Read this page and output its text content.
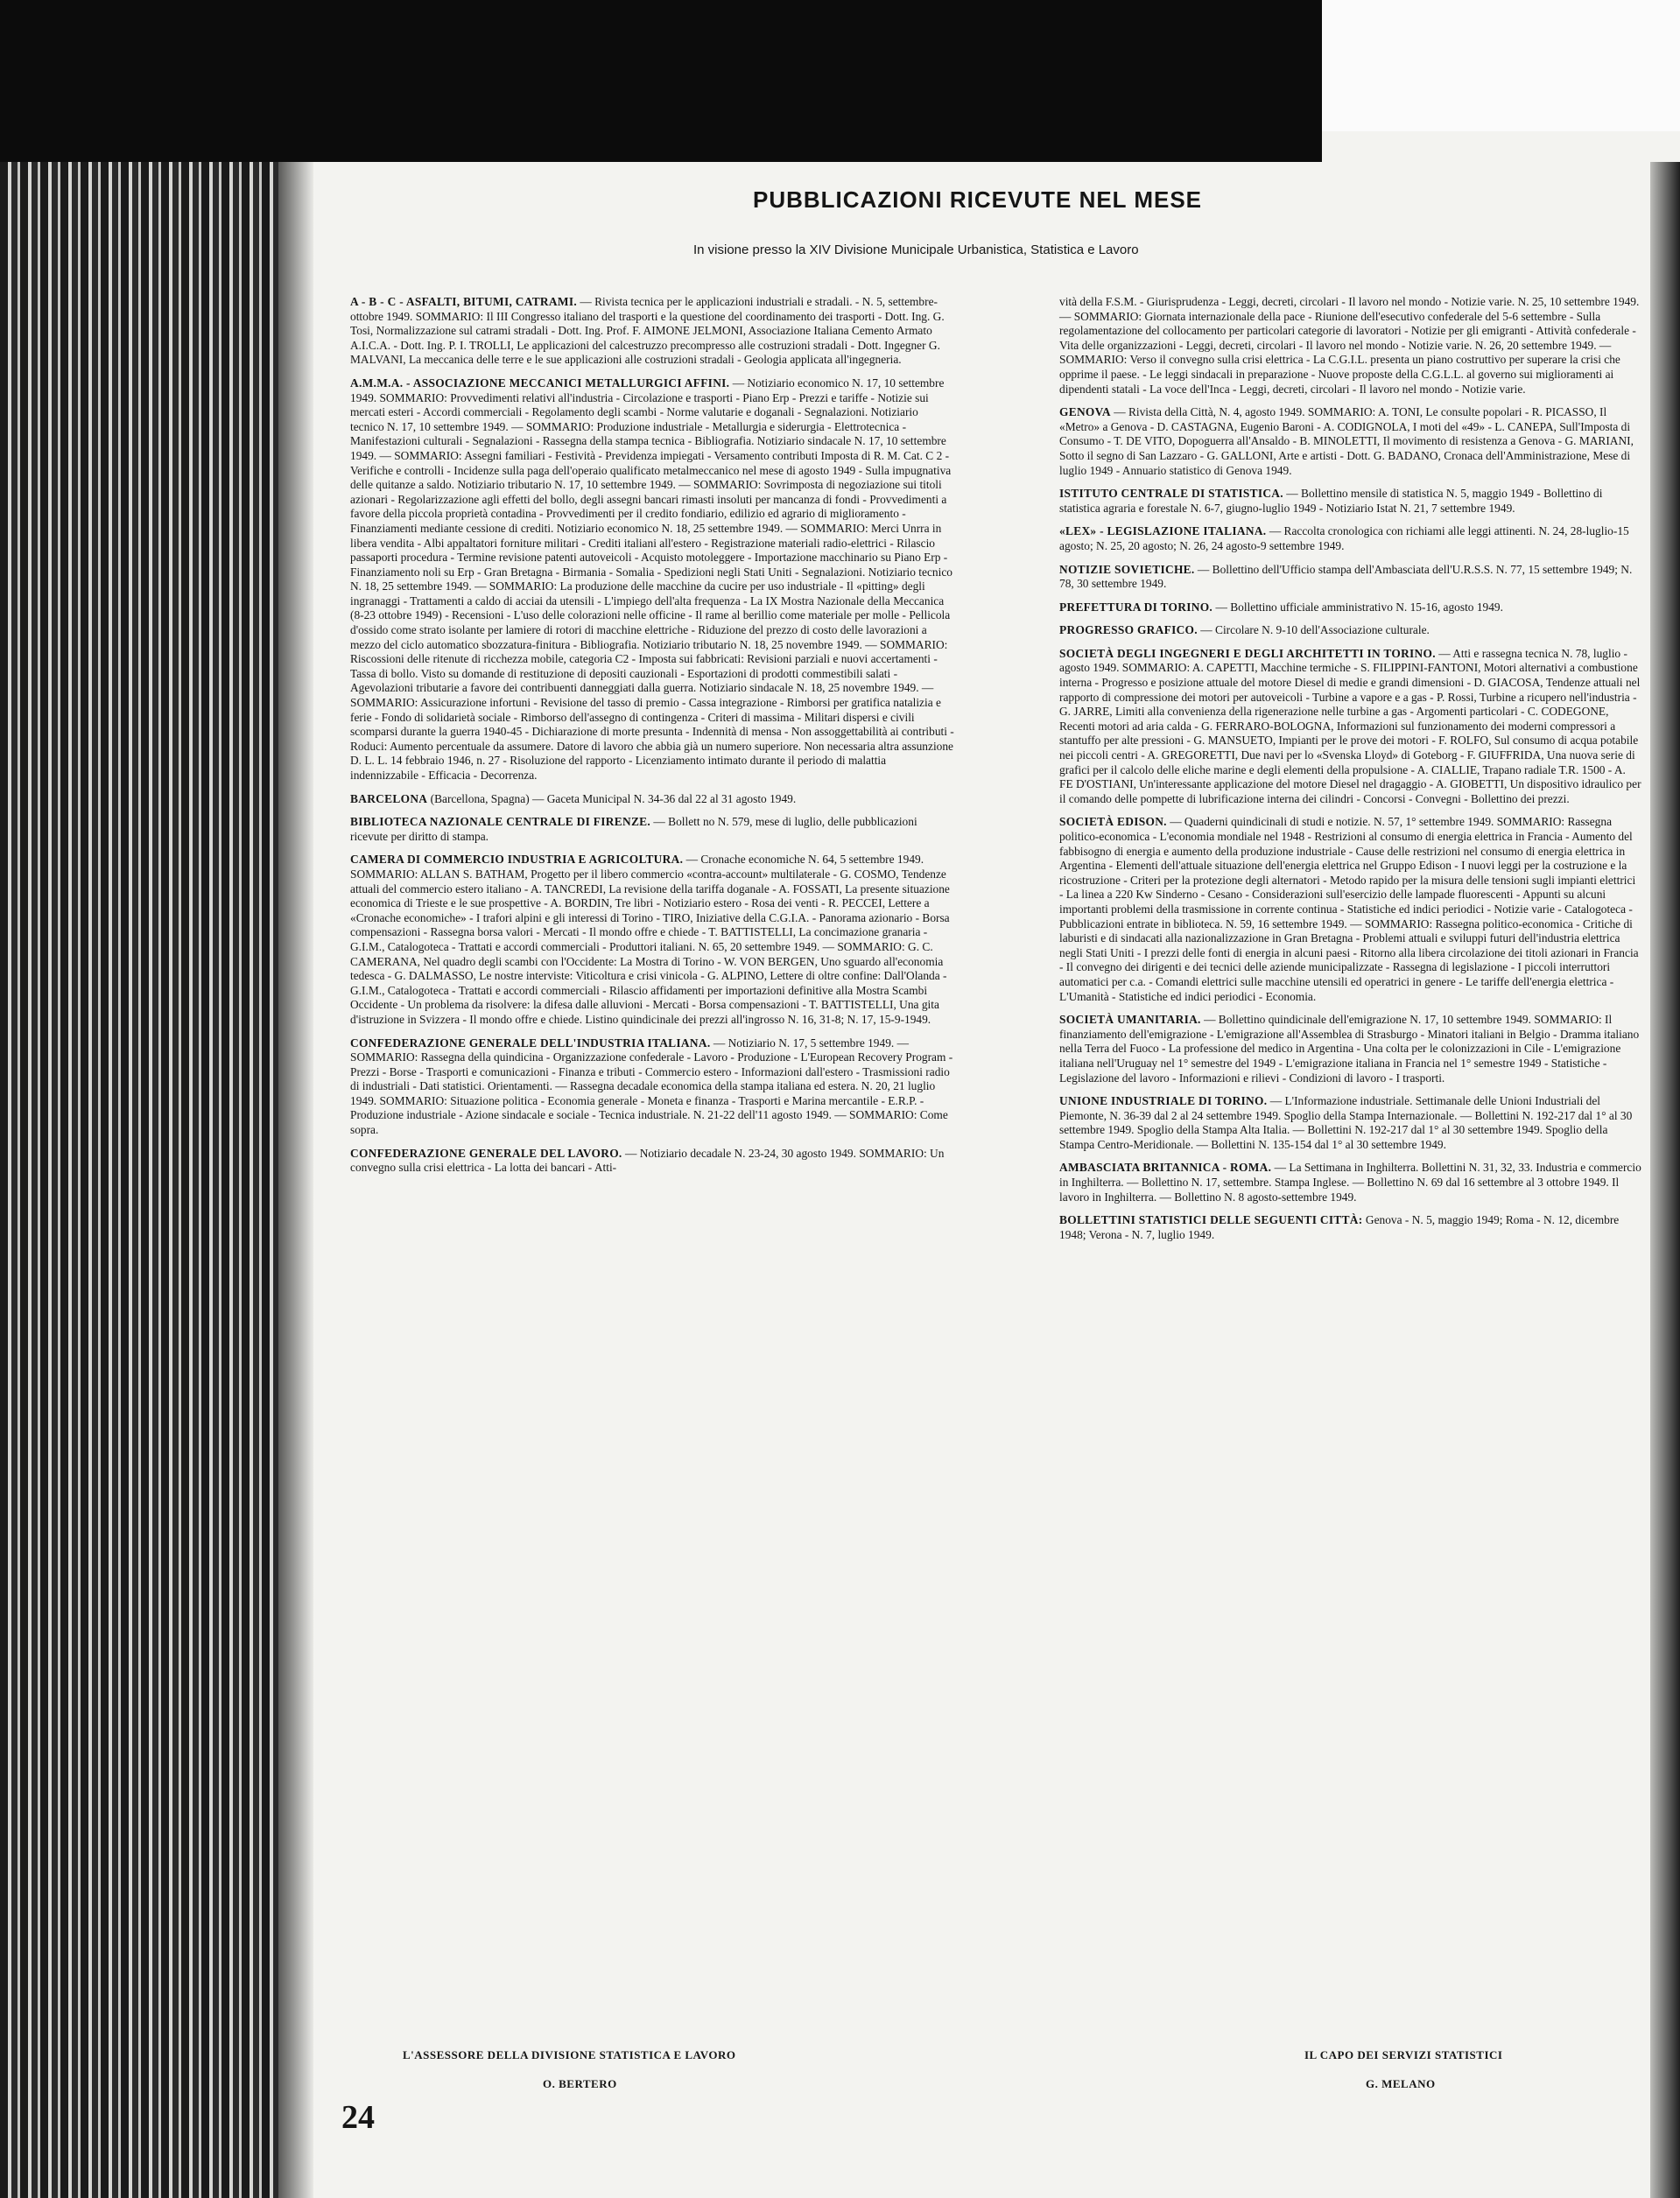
PUBBLICAZIONI RICEVUTE NEL MESE
In visione presso la XIV Divisione Municipale Urbanistica, Statistica e Lavoro

A - B - C - ASFALTI, BITUMI, CATRAMI. — Rivista tecnica per le applicazioni industriali e stradali. - N. 5, settembre-ottobre 1949. SOMMARIO: Il III Congresso italiano del trasporti e la questione del coordinamento dei trasporti - Dott. Ing. G. Tosi, Normalizzazione sul catrami stradali - Dott. Ing. Prof. F. AIMONE JELMONI, Associazione Italiana Cemento Armato A.I.C.A. - Dott. Ing. P. I. TROLLI, Le applicazioni del calcestruzzo precompresso alle costruzioni stradali - Dott. Ingegner G. MALVANI, La meccanica delle terre e le sue applicazioni alle costruzioni stradali - Geologia applicata all'ingegneria.

A.M.M.A. - ASSOCIAZIONE MECCANICI METALLURGICI AFFINI. — Notiziario economico N. 17, 10 settembre 1949. SOMMARIO: Provvedimenti relativi all'industria - Circolazione e trasporti - Piano Erp - Prezzi e tariffe - Notizie sui mercati esteri - Accordi commerciali - Regolamento degli scambi - Norme valutarie e doganali - Segnalazioni. Notiziario tecnico N. 17, 10 settembre 1949. — SOMMARIO: Produzione industriale - Metallurgia e siderurgia - Elettrotecnica - Manifestazioni culturali - Segnalazioni - Rassegna della stampa tecnica - Bibliografia. Notiziario sindacale N. 17, 10 settembre 1949. — SOMMARIO: Assegni familiari - Festività - Previdenza impiegati - Versamento contributi Imposta di R. M. Cat. C 2 - Verifiche e controlli - Incidenze sulla paga dell'operaio qualificato metalmeccanico nel mese di agosto 1949 - Sulla impugnativa delle quitanze a saldo. Notiziario tributario N. 17, 10 settembre 1949. — SOMMARIO: Sovrimposta di negoziazione sui titoli azionari - Regolarizzazione agli effetti del bollo, degli assegni bancari rimasti insoluti per mancanza di fondi - Provvedimenti a favore della piccola proprietà contadina - Provvedimenti per il credito fondiario, edilizio ed agrario di miglioramento - Finanziamenti mediante cessione di crediti. Notiziario economico N. 18, 25 settembre 1949. — SOMMARIO: Merci Unrra in libera vendita - Albi appaltatori forniture militari - Crediti italiani all'estero - Registrazione materiali radio-elettrici - Rilascio passaporti procedura - Termine revisione patenti autoveicoli - Acquisto motoleggere - Importazione macchinario su Piano Erp - Finanziamento noli su Erp - Gran Bretagna - Birmania - Somalia - Spedizioni negli Stati Uniti - Segnalazioni. Notiziario tecnico N. 18, 25 settembre 1949. — SOMMARIO: La produzione delle macchine da cucire per uso industriale - Il «pitting» degli ingranaggi - Trattamenti a caldo di acciai da utensili - L'impiego dell'alta frequenza - La IX Mostra Nazionale della Meccanica (8-23 ottobre 1949) - Recensioni - L'uso delle colorazioni nelle officine - Il rame al berillio come materiale per molle - Pellicola d'ossido come strato isolante per lamiere di rotori di macchine elettriche - Riduzione del prezzo di costo delle lavorazioni a mezzo del ciclo automatico sbozzatura-finitura - Bibliografia. Notiziario tributario N. 18, 25 novembre 1949. — SOMMARIO: Riscossioni delle ritenute di ricchezza mobile, categoria C2 - Imposta sui fabbricati: Revisioni parziali e nuovi accertamenti - Tassa di bollo. Visto su domande di restituzione di depositi cauzionali - Esportazioni di prodotti commestibili salati - Agevolazioni tributarie a favore dei contribuenti danneggiati dalla guerra. Notiziario sindacale N. 18, 25 novembre 1949. — SOMMARIO: Assicurazione infortuni - Revisione del tasso di premio - Cassa integrazione - Rimborsi per gratifica natalizia e ferie - Fondo di solidarietà sociale - Rimborso dell'assegno di contingenza - Criteri di massima - Militari dispersi e civili scomparsi durante la guerra 1940-45 - Dichiarazione di morte presunta - Indennità di mensa - Non assoggettabilità ai contributi - Roduci: Aumento percentuale da assumere. Datore di lavoro che abbia già un numero superiore. Non necessaria altra assunzione D. L. L. 14 febbraio 1946, n. 27 - Risoluzione del rapporto - Licenziamento intimato durante il periodo di malattia indennizzabile - Efficacia - Decorrenza.

BARCELONA (Barcellona, Spagna) — Gaceta Municipal N. 34-36 dal 22 al 31 agosto 1949.

BIBLIOTECA NAZIONALE CENTRALE DI FIRENZE. — Bollett no N. 579, mese di luglio, delle pubblicazioni ricevute per diritto di stampa.

CAMERA DI COMMERCIO INDUSTRIA E AGRICOLTURA. — Cronache economiche N. 64, 5 settembre 1949. SOMMARIO: ALLAN S. BATHAM, Progetto per il libero commercio «contra-account» multilaterale - G. COSMO, Tendenze attuali del commercio estero italiano - A. TANCREDI, La revisione della tariffa doganale - A. FOSSATI, La presente situazione economica di Trieste e le sue prospettive - A. BORDIN, Tre libri - Notiziario estero - Rosa dei venti - R. PECCEI, Lettere a «Cronache economiche» - I trafori alpini e gli interessi di Torino - TIRO, Iniziative della C.G.I.A. - Panorama azionario - Borsa compensazioni - Rassegna borsa valori - Mercati - Il mondo offre e chiede - T. BATTISTELLI, La concimazione granaria - G.I.M., Catalogoteca - Trattati e accordi commerciali - Produttori italiani. N. 65, 20 settembre 1949. — SOMMARIO: G. C. CAMERANA, Nel quadro degli scambi con l'Occidente: La Mostra di Torino - W. VON BERGEN, Uno sguardo all'economia tedesca - G. DALMASSO, Le nostre interviste: Viticoltura e crisi vinicola - G. ALPINO, Lettere di oltre confine: Dall'Olanda - G.I.M., Catalogoteca - Trattati e accordi commerciali - Rilascio affidamenti per importazioni definitive alla Mostra Scambi Occidente - Un problema da risolvere: la difesa dalle alluvioni - Mercati - Borsa compensazioni - T. BATTISTELLI, Una gita d'istruzione in Svizzera - Il mondo offre e chiede. Listino quindicinale dei prezzi all'ingrosso N. 16, 31-8; N. 17, 15-9-1949.

CONFEDERAZIONE GENERALE DELL'INDUSTRIA ITALIANA. — Notiziario N. 17, 5 settembre 1949. — SOMMARIO: Rassegna della quindicina - Organizzazione confederale - Lavoro - Produzione - L'European Recovery Program - Prezzi - Borse - Trasporti e comunicazioni - Finanza e tributi - Commercio estero - Informazioni dall'estero - Trasmissioni radio di industriali - Dati statistici. Orientamenti. — Rassegna decadale economica della stampa italiana ed estera. N. 20, 21 luglio 1949. SOMMARIO: Situazione politica - Economia generale - Moneta e finanza - Trasporti e Marina mercantile - E.R.P. - Produzione industriale - Azione sindacale e sociale - Tecnica industriale. N. 21-22 dell'11 agosto 1949. — SOMMARIO: Come sopra.

CONFEDERAZIONE GENERALE DEL LAVORO. — Notiziario decadale N. 23-24, 30 agosto 1949. SOMMARIO: Un convegno sulla crisi elettrica - La lotta dei bancari - Atti-

vità della F.S.M. - Giurisprudenza - Leggi, decreti, circolari - Il lavoro nel mondo - Notizie varie. N. 25, 10 settembre 1949. — SOMMARIO: Giornata internazionale della pace - Riunione dell'esecutivo confederale del 5-6 settembre - Sulla regolamentazione del collocamento per particolari categorie di lavoratori - Notizie per gli emigranti - Attività confederale - Vita delle organizzazioni - Leggi, decreti, circolari - Il lavoro nel mondo - Notizie varie. N. 26, 20 settembre 1949. — SOMMARIO: Verso il convegno sulla crisi elettrica - La C.G.I.L. presenta un piano costruttivo per superare la crisi che opprime il paese. - Le leggi sindacali in preparazione - Nuove proposte della C.G.L.L. al governo sui miglioramenti ai dipendenti statali - La voce dell'Inca - Leggi, decreti, circolari - Il lavoro nel mondo - Notizie varie.

GENOVA — Rivista della Città, N. 4, agosto 1949. SOMMARIO: A. TONI, Le consulte popolari - R. PICASSO, Il «Metro» a Genova - D. CASTAGNA, Eugenio Baroni - A. CODIGNOLA, I moti del «49» - L. CANEPA, Sull'Imposta di Consumo - T. DE VITO, Dopoguerra all'Ansaldo - B. MINOLETTI, Il movimento di resistenza a Genova - G. MARIANI, Sotto il segno di San Lazzaro - G. GALLONI, Arte e artisti - Dott. G. BADANO, Cronaca dell'Amministrazione, Mese di luglio 1949 - Annuario statistico di Genova 1949.

ISTITUTO CENTRALE DI STATISTICA. — Bollettino mensile di statistica N. 5, maggio 1949 - Bollettino di statistica agraria e forestale N. 6-7, giugno-luglio 1949 - Notiziario Istat N. 21, 7 settembre 1949.

«LEX» - LEGISLAZIONE ITALIANA. — Raccolta cronologica con richiami alle leggi attinenti. N. 24, 28-luglio-15 agosto; N. 25, 20 agosto; N. 26, 24 agosto-9 settembre 1949.

NOTIZIE SOVIETICHE. — Bollettino dell'Ufficio stampa dell'Ambasciata dell'U.R.S.S. N. 77, 15 settembre 1949; N. 78, 30 settembre 1949.

PREFETTURA DI TORINO. — Bollettino ufficiale amministrativo N. 15-16, agosto 1949.

PROGRESSO GRAFICO. — Circolare N. 9-10 dell'Associazione culturale.

SOCIETÀ DEGLI INGEGNERI E DEGLI ARCHITETTI IN TORINO. — Atti e rassegna tecnica N. 78, luglio - agosto 1949. SOMMARIO: A. CAPETTI, Macchine termiche - S. FILIPPINI-FANTONI, Motori alternativi a combustione interna - Progresso e posizione attuale del motore Diesel di medie e grandi dimensioni - D. GIACOSA, Tendenze attuali nel rapporto di compressione dei motori per autoveicoli - Turbine a vapore e a gas - P. Rossi, Turbine a ricupero nell'industria - G. JARRE, Limiti alla convenienza della rigenerazione nelle turbine a gas - Argomenti particolari - C. CODEGONE, Recenti motori ad aria calda - G. FERRARO-BOLOGNA, Informazioni sul funzionamento dei moderni compressori a stantuffo per alte pressioni - G. MANSUETO, Impianti per le prove dei motori - F. ROLFO, Sul consumo di acqua potabile nei piccoli centri - A. GREGORETTI, Due navi per lo «Svenska Lloyd» di Goteborg - F. GIUFFRIDA, Una nuova serie di grafici per il calcolo delle eliche marine e degli elementi della propulsione - A. CIALLIE, Trapano radiale T.R. 1500 - A. FE D'OSTIANI, Un'interessante applicazione del motore Diesel nel dragaggio - A. GIOBETTI, Un dispositivo idraulico per il comando delle pompette di lubrificazione interna dei cilindri - Concorsi - Convegni - Bollettino dei prezzi.

SOCIETÀ EDISON. — Quaderni quindicinali di studi e notizie. N. 57, 1° settembre 1949. SOMMARIO: Rassegna politico-economica - L'economia mondiale nel 1948 - Restrizioni al consumo di energia elettrica in Francia - Aumento del fabbisogno di energia e aumento della produzione industriale - Cause delle restrizioni nel consumo di energia elettrica in Argentina - Elementi dell'attuale situazione dell'energia elettrica nel Gruppo Edison - I nuovi leggi per la costruzione e la ricostruzione - Criteri per la protezione degli alternatori - Metodo rapido per la misura delle tensioni sugli impianti elettrici - La linea a 220 Kw Sinderno - Cesano - Considerazioni sull'esercizio delle lampade fluorescenti - Appunti su alcuni importanti problemi della trasmissione in corrente continua - Statistiche ed indici periodici - Notizie varie - Catalogoteca - Pubblicazioni entrate in biblioteca. N. 59, 16 settembre 1949. — SOMMARIO: Rassegna politico-economica - Critiche di laburisti e di sindacati alla nazionalizzazione in Gran Bretagna - Problemi attuali e sviluppi futuri dell'industria elettrica negli Stati Uniti - I prezzi delle fonti di energia in alcuni paesi - Ritorno alla libera circolazione dei titoli azionari in Francia - Il convegno dei dirigenti e dei tecnici delle aziende municipalizzate - Rassegna di legislazione - I piccoli interruttori automatici per c.a. - Comandi elettrici sulle macchine utensili ed operatrici in genere - Le tariffe dell'energia elettrica - L'Umanità - Statistiche ed indici periodici - Economia.

SOCIETÀ UMANITARIA. — Bollettino quindicinale dell'emigrazione N. 17, 10 settembre 1949. SOMMARIO: Il finanziamento dell'emigrazione - L'emigrazione all'Assemblea di Strasburgo - Minatori italiani in Belgio - Dramma italiano nella Terra del Fuoco - La professione del medico in Argentina - Una colta per le colonizzazioni in Cile - L'emigrazione italiana nell'Uruguay nel 1° semestre del 1949 - L'emigrazione italiana in Francia nel 1° semestre 1949 - Statistiche - Legislazione del lavoro - Informazioni e rilievi - Condizioni di lavoro - I trasporti.

UNIONE INDUSTRIALE DI TORINO. — L'Informazione industriale. Settimanale delle Unioni Industriali del Piemonte, N. 36-39 dal 2 al 24 settembre 1949. Spoglio della Stampa Internazionale. — Bollettini N. 192-217 dal 1° al 30 settembre 1949. Spoglio della Stampa Alta Italia. — Bollettini N. 192-217 dal 1° al 30 settembre 1949. Spoglio della Stampa Centro-Meridionale. — Bollettini N. 135-154 dal 1° al 30 settembre 1949.

AMBASCIATA BRITANNICA - ROMA. — La Settimana in Inghilterra. Bollettini N. 31, 32, 33. Industria e commercio in Inghilterra. — Bollettino N. 17, settembre. Stampa Inglese. — Bollettino N. 69 dal 16 settembre al 3 ottobre 1949. Il lavoro in Inghilterra. — Bollettino N. 8 agosto-settembre 1949.

BOLLETTINI STATISTICI DELLE SEGUENTI CITTÀ: Genova - N. 5, maggio 1949; Roma - N. 12, dicembre 1948; Verona - N. 7, luglio 1949.

L'ASSESSORE DELLA DIVISIONE STATISTICA E LAVORO
O. BERTERO
IL CAPO DEI SERVIZI STATISTICI
G. MELANO
24
